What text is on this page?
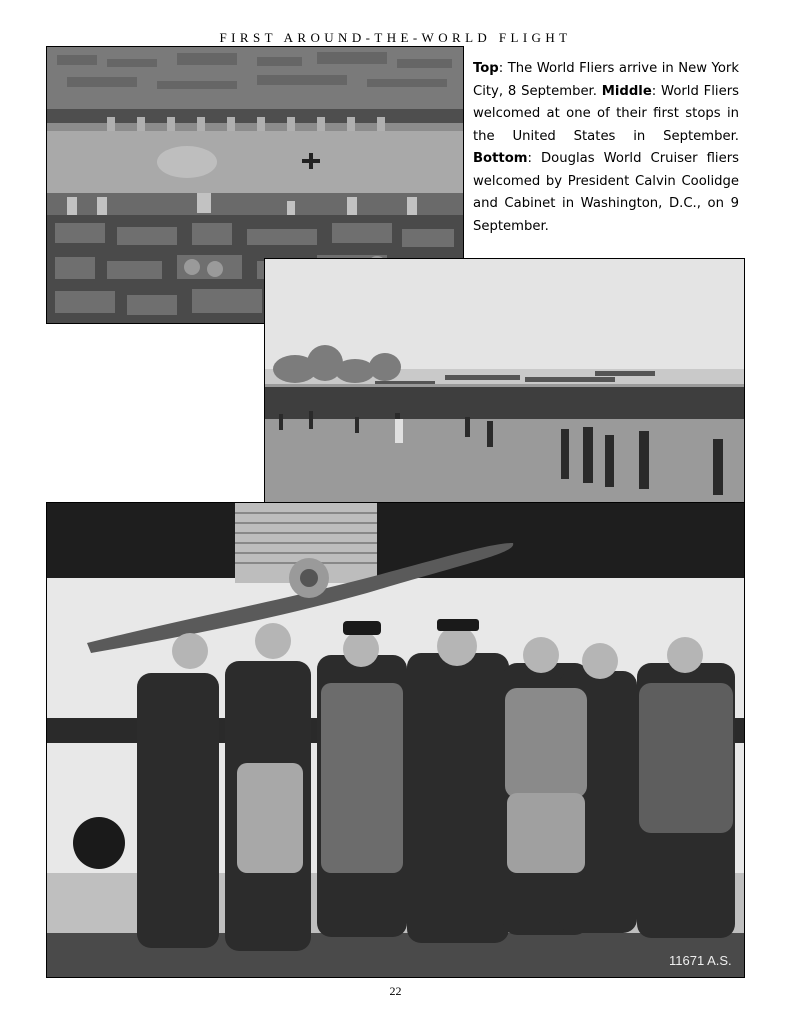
FIRST AROUND-THE-WORLD FLIGHT
Top: The World Fliers arrive in New York City, 8 September. Middle: World Fliers welcomed at one of their first stops in the United States in September. Bottom: Douglas World Cruiser fliers welcomed by President Calvin Coolidge and Cabinet in Washington, D.C., on 9 September.
11671 A.S.
22
